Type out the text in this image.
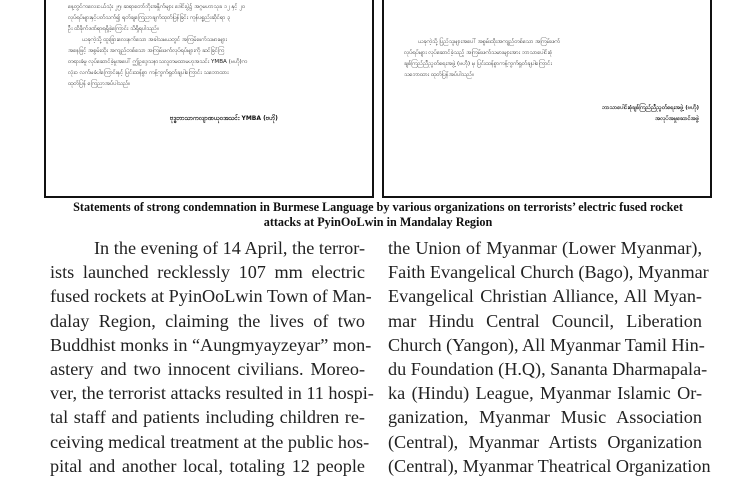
နေ့တွင်ကလေးငယ်သုံး ၂၅၊ ဆရာတော်ဘိုးအနှိုက်များ ဒေါင်းပွဲ၌ အဂ္ဂမဟာသုခ ၁၂ နှင့် ၂၀
လုပ်ရပ်များနှင့်ပတ်သက်၍ ရုတ်ချကြေညာချက်ထုတ်ပြန်ခြင်း ကုန်ပစ္စည်းဆိုင်ရာ ၃
ဦး ထိခိုက်ဒဏ်ရာရရှိခဲ့ကြောင်း သိရှိရပါသည်။
ယခုကဲ့သို့ ထူးခြားလေးနက်သော အခါသမယတွင် အကြမ်းဖက်သမားများ
အနေဖြင့် အစွမ်းထိုး အကျည်တစ်သော အကြမ်းဖက်လုပ်ရပ်များကို ဆင်ခြင်ကြ
တရားခံမူ လုပ်ဆောင်ခဲ့မှုအပေါ် ဤဥဒ္ဒေသနာသလူတမထာမဟုအသင်း YMBA (ဗဟို)က
လုံးဝ လက်မခံပါကြောင်းနှင့် ပြင်းထန်စွာ ကန့်ကွက်ရှုတ်ချပါကြောင်း သဘောထား
ထုတ်ပြန် ကြေညာအပ်ပါသည်။
ဗုဒ္ဓဘာသာကလျာဏယုဝအသင်း YMBA (ဗဟို)
ယခုကဲ့သို့ ပြည်သူများအပေါ် အစွမ်းထိုးအကျည်တစ်သော အကြမ်းဖက်
လုပ်ရပ်များ လုပ်ဆောင်ခဲ့သည့် အကြမ်းဖက်သမားများအား ဘာသာပေါင်းစုံ
ချစ်ကြည်ညီညွတ်ရေးအဖွဲ့ (ဗဟို) မှ ပြင်းထန်စွာကန့်ကွက်ရှုတ်ချပါကြောင်း
သဘောထား ထုတ်ပြန်အပ်ပါသည်။
ဘာသာပေါင်းစုံချစ်ကြည်ညီညွတ်ရေးအဖွဲ့ (ဗဟို)
အလုပ်အမှုဆောင်အဖွဲ့
Statements of strong condemnation in Burmese Language by various organizations on terrorists’ electric fused rocket
attacks at PyinOoLwin in Mandalay Region
In the evening of 14 April, the terror-
ists launched recklessly 107 mm electric
fused rockets at PyinOoLwin Town of Man-
dalay Region, claiming the lives of two
Buddhist monks in “Aungmyayzeyar” mon-
astery and two innocent civilians. Moreo-
ver, the terrorist attacks resulted in 11 hospi-
tal staff and patients including children re-
ceiving medical treatment at the public hos-
pital and another local, totaling 12 people
the Union of Myanmar (Lower Myanmar),
Faith Evangelical Church (Bago), Myanmar
Evangelical Christian Alliance, All Myan-
mar Hindu Central Council, Liberation
Church (Yangon), All Myanmar Tamil Hin-
du Foundation (H.Q), Sananta Dharmapala-
ka (Hindu) League, Myanmar Islamic Or-
ganization, Myanmar Music Association
(Central), Myanmar Artists Organization
(Central), Myanmar Theatrical Organization
